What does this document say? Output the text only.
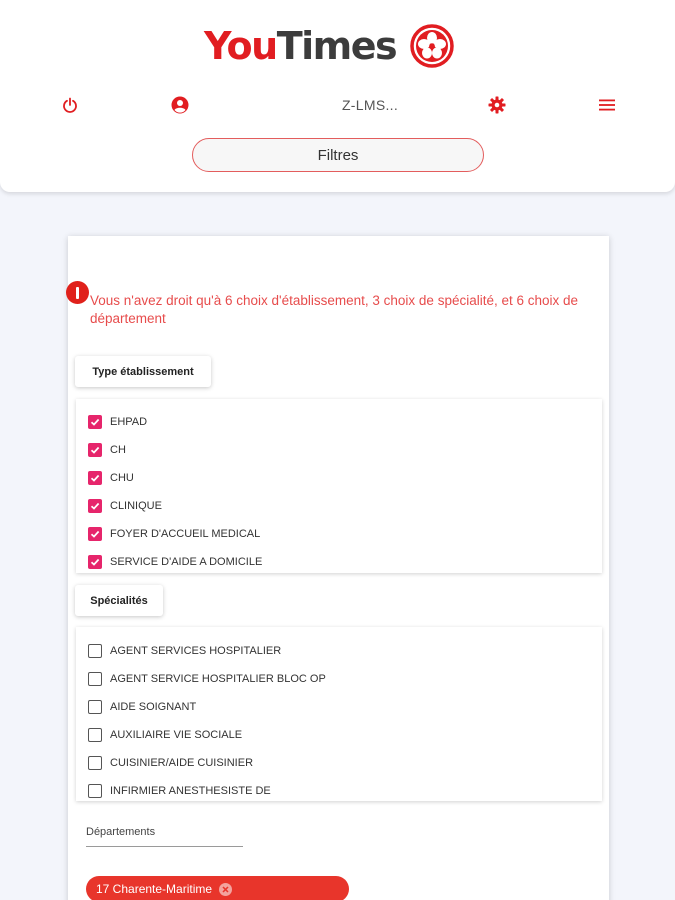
YouTimes
Z-LMS...
Filtres
Vous n'avez droit qu'à 6 choix d'établissement, 3 choix de spécialité, et 6 choix de département
Type établissement
EHPAD
CH
CHU
CLINIQUE
FOYER D'ACCUEIL MEDICAL
SERVICE D'AIDE A DOMICILE
Spécialités
AGENT SERVICES HOSPITALIER
AGENT SERVICE HOSPITALIER BLOC OP
AIDE SOIGNANT
AUXILIAIRE VIE SOCIALE
CUISINIER/AIDE CUISINIER
INFIRMIER ANESTHESISTE DE
Départements
17 Charente-Maritime
